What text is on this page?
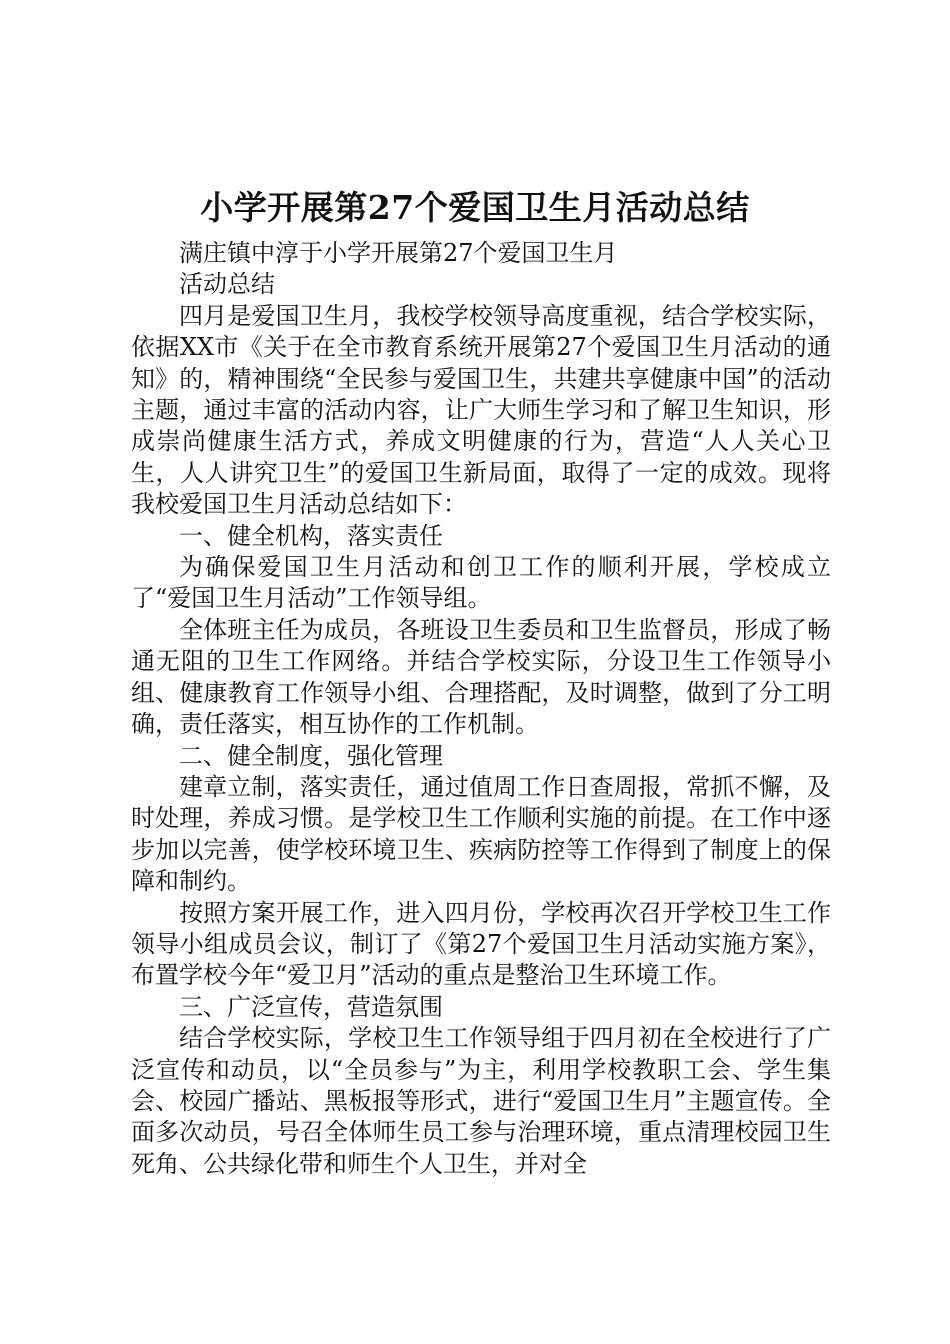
小学开展第27个爱国卫生月活动总结

满庄镇中淳于小学开展第27个爱国卫生月

活动总结

四月是爱国卫生月，我校学校领导高度重视，结合学校实际，依据XX市《关于在全市教育系统开展第27个爱国卫生月活动的通知》的，精神围绕“全民参与爱国卫生，共建共享健康中国”的活动主题，通过丰富的活动内容，让广大师生学习和了解卫生知识，形成崇尚健康生活方式，养成文明健康的行为，营造“人人关心卫生，人人讲究卫生”的爱国卫生新局面，取得了一定的成效。现将我校爱国卫生月活动总结如下：

一、健全机构，落实责任

为确保爱国卫生月活动和创卫工作的顺利开展，学校成立了“爱国卫生月活动”工作领导组。

全体班主任为成员，各班设卫生委员和卫生监督员，形成了畅通无阻的卫生工作网络。并结合学校实际，分设卫生工作领导小组、健康教育工作领导小组、合理搭配，及时调整，做到了分工明确，责任落实，相互协作的工作机制。

二、健全制度，强化管理

建章立制，落实责任，通过值周工作日查周报，常抓不懈，及时处理，养成习惯。是学校卫生工作顺利实施的前提。在工作中逐步加以完善，使学校环境卫生、疾病防控等工作得到了制度上的保障和制约。

按照方案开展工作，进入四月份，学校再次召开学校卫生工作领导小组成员会议，制订了《第27个爱国卫生月活动实施方案》，布置学校今年“爱卫月”活动的重点是整治卫生环境工作。

三、广泛宣传，营造氛围

结合学校实际，学校卫生工作领导组于四月初在全校进行了广泛宣传和动员，以“全员参与”为主，利用学校教职工会、学生集会、校园广播站、黑板报等形式，进行“爱国卫生月”主题宣传。全面多次动员，号召全体师生员工参与治理环境，重点清理校园卫生死角、公共绿化带和师生个人卫生，并对全
